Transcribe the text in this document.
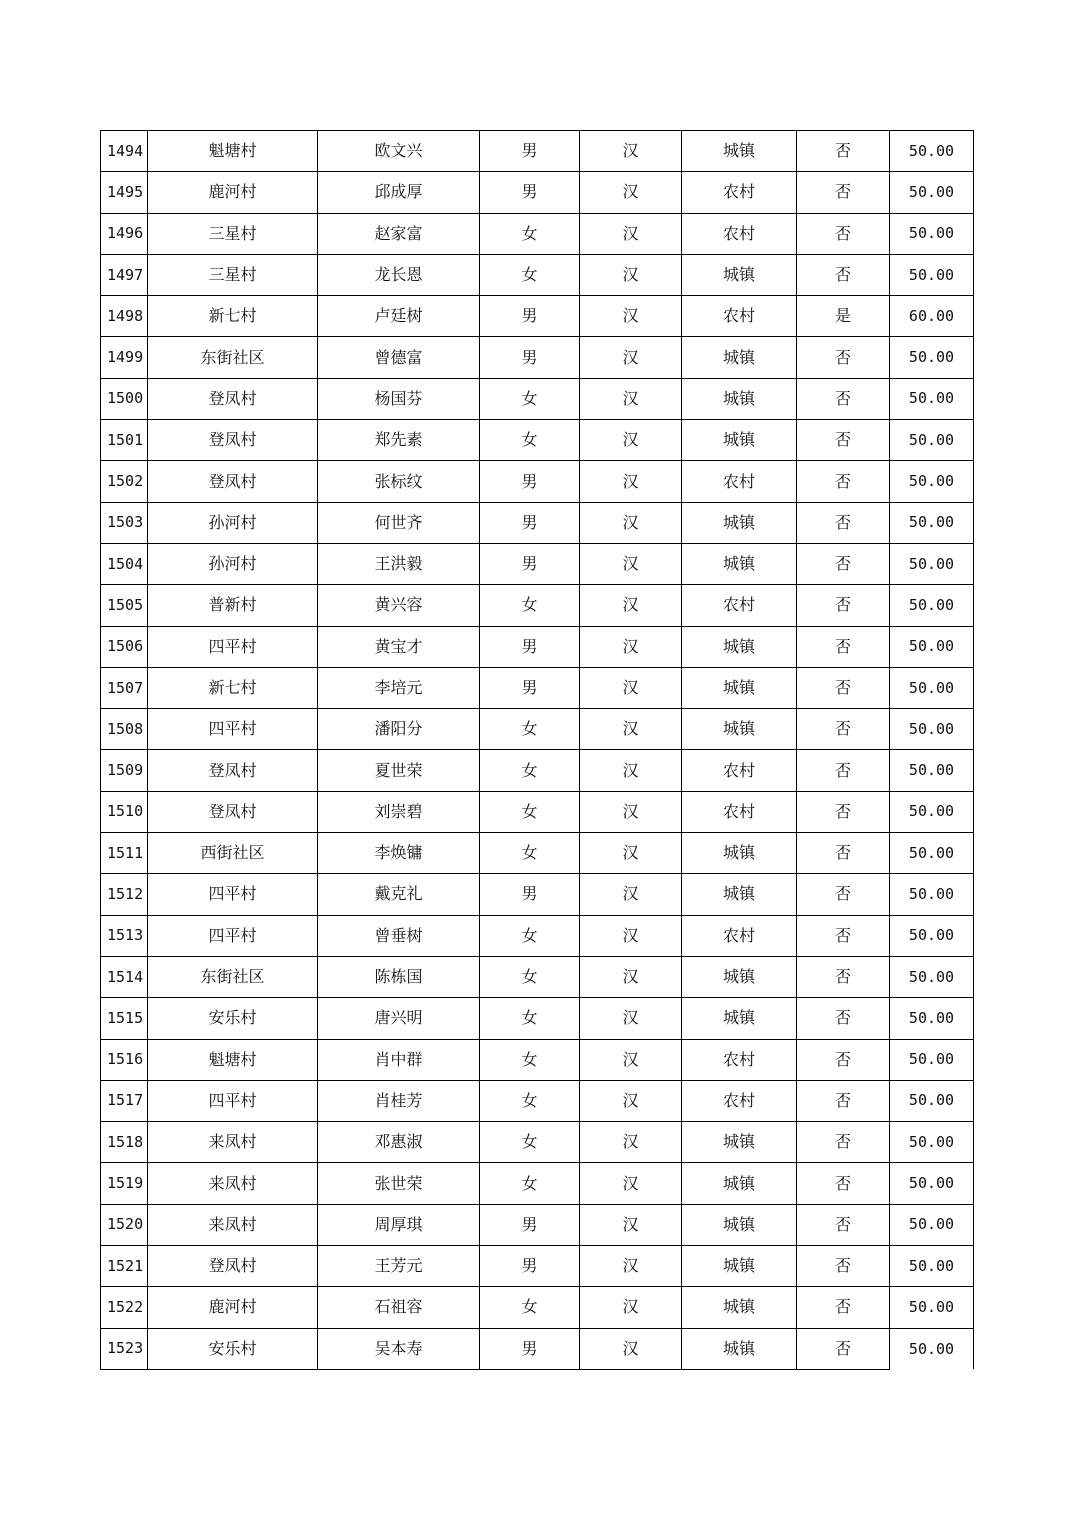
1494	魁塘村	欧文兴	男	汉	城镇	否	50.00
1495	鹿河村	邱成厚	男	汉	农村	否	50.00
1496	三星村	赵家富	女	汉	农村	否	50.00
1497	三星村	龙长恩	女	汉	城镇	否	50.00
1498	新七村	卢廷树	男	汉	农村	是	60.00
1499	东街社区	曾德富	男	汉	城镇	否	50.00
1500	登凤村	杨国芬	女	汉	城镇	否	50.00
1501	登凤村	郑先素	女	汉	城镇	否	50.00
1502	登凤村	张标纹	男	汉	农村	否	50.00
1503	孙河村	何世齐	男	汉	城镇	否	50.00
1504	孙河村	王洪毅	男	汉	城镇	否	50.00
1505	普新村	黄兴容	女	汉	农村	否	50.00
1506	四平村	黄宝才	男	汉	城镇	否	50.00
1507	新七村	李培元	男	汉	城镇	否	50.00
1508	四平村	潘阳分	女	汉	城镇	否	50.00
1509	登凤村	夏世荣	女	汉	农村	否	50.00
1510	登凤村	刘崇碧	女	汉	农村	否	50.00
1511	西街社区	李焕镛	女	汉	城镇	否	50.00
1512	四平村	戴克礼	男	汉	城镇	否	50.00
1513	四平村	曾垂树	女	汉	农村	否	50.00
1514	东街社区	陈栋国	女	汉	城镇	否	50.00
1515	安乐村	唐兴明	女	汉	城镇	否	50.00
1516	魁塘村	肖中群	女	汉	农村	否	50.00
1517	四平村	肖桂芳	女	汉	农村	否	50.00
1518	来凤村	邓惠淑	女	汉	城镇	否	50.00
1519	来凤村	张世荣	女	汉	城镇	否	50.00
1520	来凤村	周厚琪	男	汉	城镇	否	50.00
1521	登凤村	王芳元	男	汉	城镇	否	50.00
1522	鹿河村	石祖容	女	汉	城镇	否	50.00
1523	安乐村	吴本寿	男	汉	城镇	否	50.00
